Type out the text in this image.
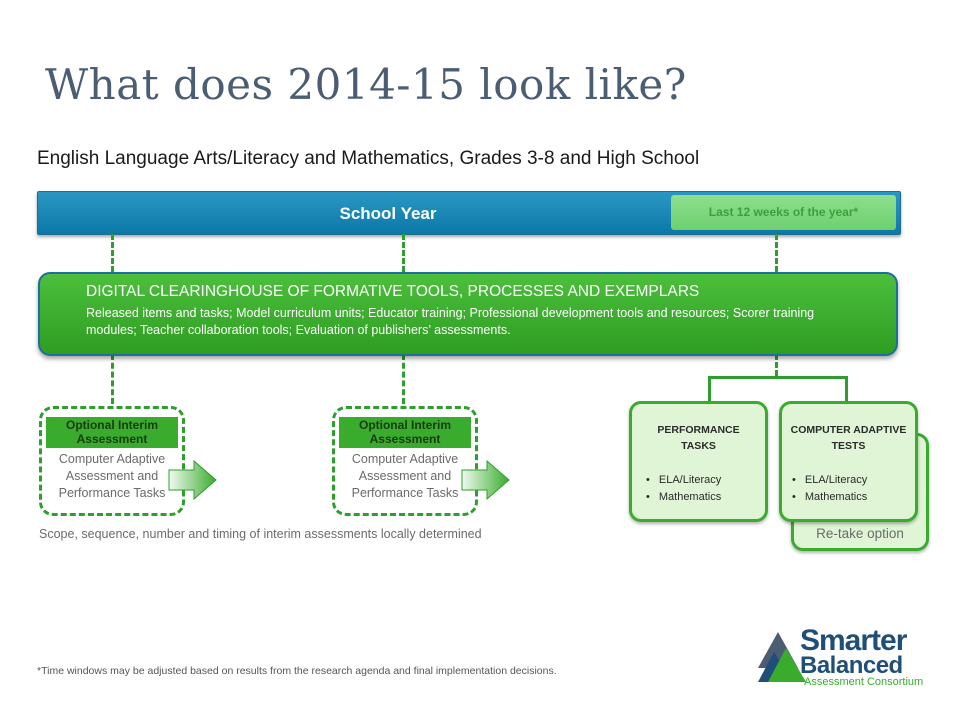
What does 2014-15 look like?
English Language Arts/Literacy and Mathematics, Grades 3-8 and High School
School Year	Last 12 weeks of the year*
DIGITAL CLEARINGHOUSE OF FORMATIVE TOOLS, PROCESSES AND EXEMPLARS
Released items and tasks; Model curriculum units; Educator training; Professional development tools and resources; Scorer training modules; Teacher collaboration tools; Evaluation of publishers’ assessments.
Optional Interim Assessment
Computer Adaptive Assessment and Performance Tasks
Optional Interim Assessment
Computer Adaptive Assessment and Performance Tasks
Scope, sequence, number and timing of interim assessments locally determined	Re-take option
PERFORMANCE TASKS
• ELA/Literacy
• Mathematics
COMPUTER ADAPTIVE TESTS
• ELA/Literacy
• Mathematics
*Time windows may be adjusted based on results from the research agenda and final implementation decisions.
Smarter
Balanced
Assessment Consortium
